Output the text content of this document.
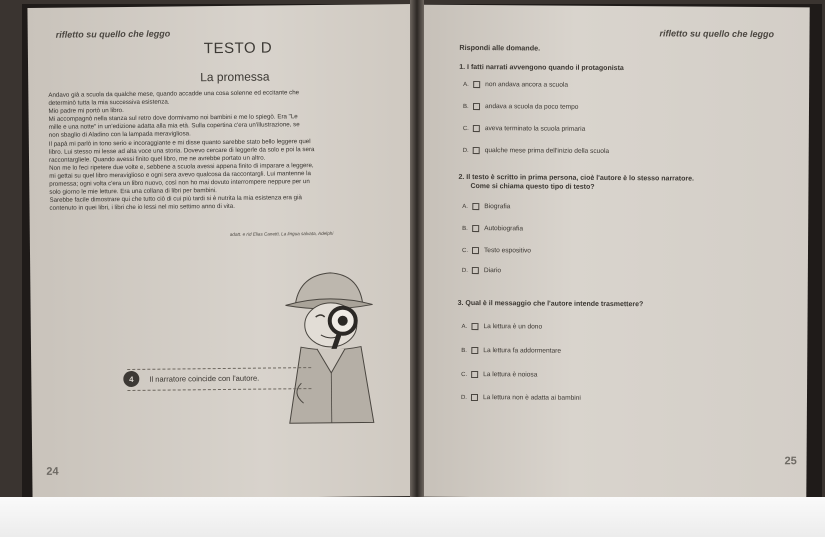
rifletto su quello che leggo
TESTO D
La promessa

Andavo già a scuola da qualche mese, quando accadde una cosa solenne ed eccitante che

determinò tutta la mia successiva esistenza.

Mio padre mi portò un libro.

Mi accompagnò nella stanza sul retro dove dormivamo noi bambini e me lo spiegò. Era "Le

mille e una notte" in un'edizione adatta alla mia età. Sulla copertina c'era un'illustrazione, se

non sbaglio di Aladino con la lampada meravigliosa.

Il papà mi parlò in tono serio e incoraggiante e mi disse quanto sarebbe stato bello leggere quel

libro. Lui stesso mi lesse ad alta voce una storia. Dovevo cercare di leggerle da solo e poi la sera

raccontargliele. Quando avessi finito quel libro, me ne avrebbe portato un altro.

Non me lo feci ripetere due volte e, sebbene a scuola avessi appena finito di imparare a leggere,

mi gettai su quel libro meraviglioso e ogni sera avevo qualcosa da raccontargli. Lui mantenne la

promessa; ogni volta c'era un libro nuovo, così non ho mai dovuto interrompere neppure per un

solo giorno le mie letture. Era una collana di libri per bambini.

Sarebbe facile dimostrare qui che tutto ciò di cui più tardi si è nutrita la mia esistenza era già

contenuto in quei libri, i libri che io lessi nel mio settimo anno di vita.

adatt. e rid Elias Canetti, La lingua salvata, Adelphi
Il narratore coincide con l'autore.
4
24
rifletto su quello che leggo
Rispondi alle domande.
1. I fatti narrati avvengono quando il protagonista
A.	non andava ancora a scuola
B.	andava a scuola da poco tempo
C.	aveva terminato la scuola primaria
D.	qualche mese prima dell'inizio della scuola
2. Il testo è scritto in prima persona, cioè l'autore è lo stesso narratore.
Come si chiama questo tipo di testo?
A.	Biografia
B.	Autobiografia
C.	Testo espositivo
D.	Diario
3. Qual è il messaggio che l'autore intende trasmettere?
A.	La lettura è un dono
B.	La lettura fa addormentare
C.	La lettura è noiosa
D.	La lettura non è adatta ai bambini
25
